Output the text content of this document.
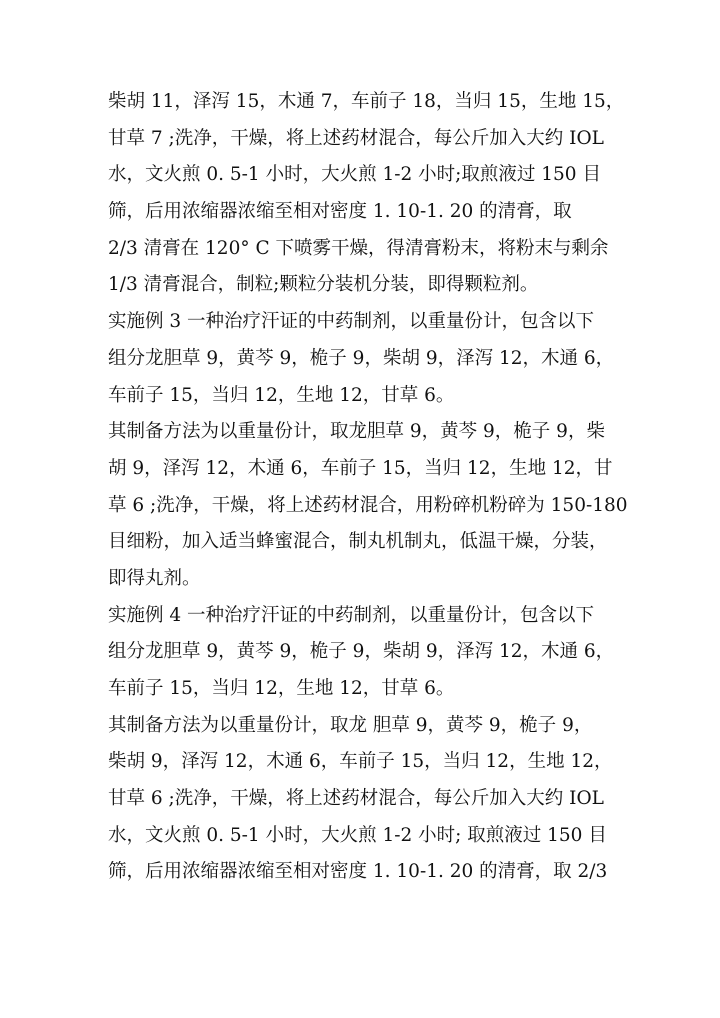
柴胡 11，泽泻 15，木通 7，车前子 18，当归 15，生地 15，
甘草 7 ;洗净，干燥，将上述药材混合，每公斤加入大约 IOL
水，文火煎 0. 5-1 小时，大火煎 1-2 小时;取煎液过 150 目
筛，后用浓缩器浓缩至相对密度 1. 10-1. 20 的清膏，取
2/3 清膏在 120° C 下喷雾干燥，得清膏粉末，将粉末与剩余
1/3 清膏混合，制粒;颗粒分装机分装，即得颗粒剂。
实施例 3 一种治疗汗证的中药制剂，以重量份计，包含以下
组分龙胆草 9，黄芩 9，桅子 9，柴胡 9，泽泻 12，木通 6，
车前子 15，当归 12，生地 12，甘草 6。
其制备方法为以重量份计，取龙胆草 9，黄芩 9，桅子 9，柴
胡 9，泽泻 12，木通 6，车前子 15，当归 12，生地 12，甘
草 6 ;洗净，干燥，将上述药材混合，用粉碎机粉碎为 150-180
目细粉，加入适当蜂蜜混合，制丸机制丸，低温干燥，分装，
即得丸剂。
实施例 4 一种治疗汗证的中药制剂，以重量份计，包含以下
组分龙胆草 9，黄芩 9，桅子 9，柴胡 9，泽泻 12，木通 6，
车前子 15，当归 12，生地 12，甘草 6。
其制备方法为以重量份计，取龙 胆草 9，黄芩 9，桅子 9，
柴胡 9，泽泻 12，木通 6，车前子 15，当归 12，生地 12，
甘草 6 ;洗净，干燥，将上述药材混合，每公斤加入大约 IOL
水，文火煎 0. 5-1 小时，大火煎 1-2 小时; 取煎液过 150 目
筛，后用浓缩器浓缩至相对密度 1. 10-1. 20 的清膏，取 2/3
